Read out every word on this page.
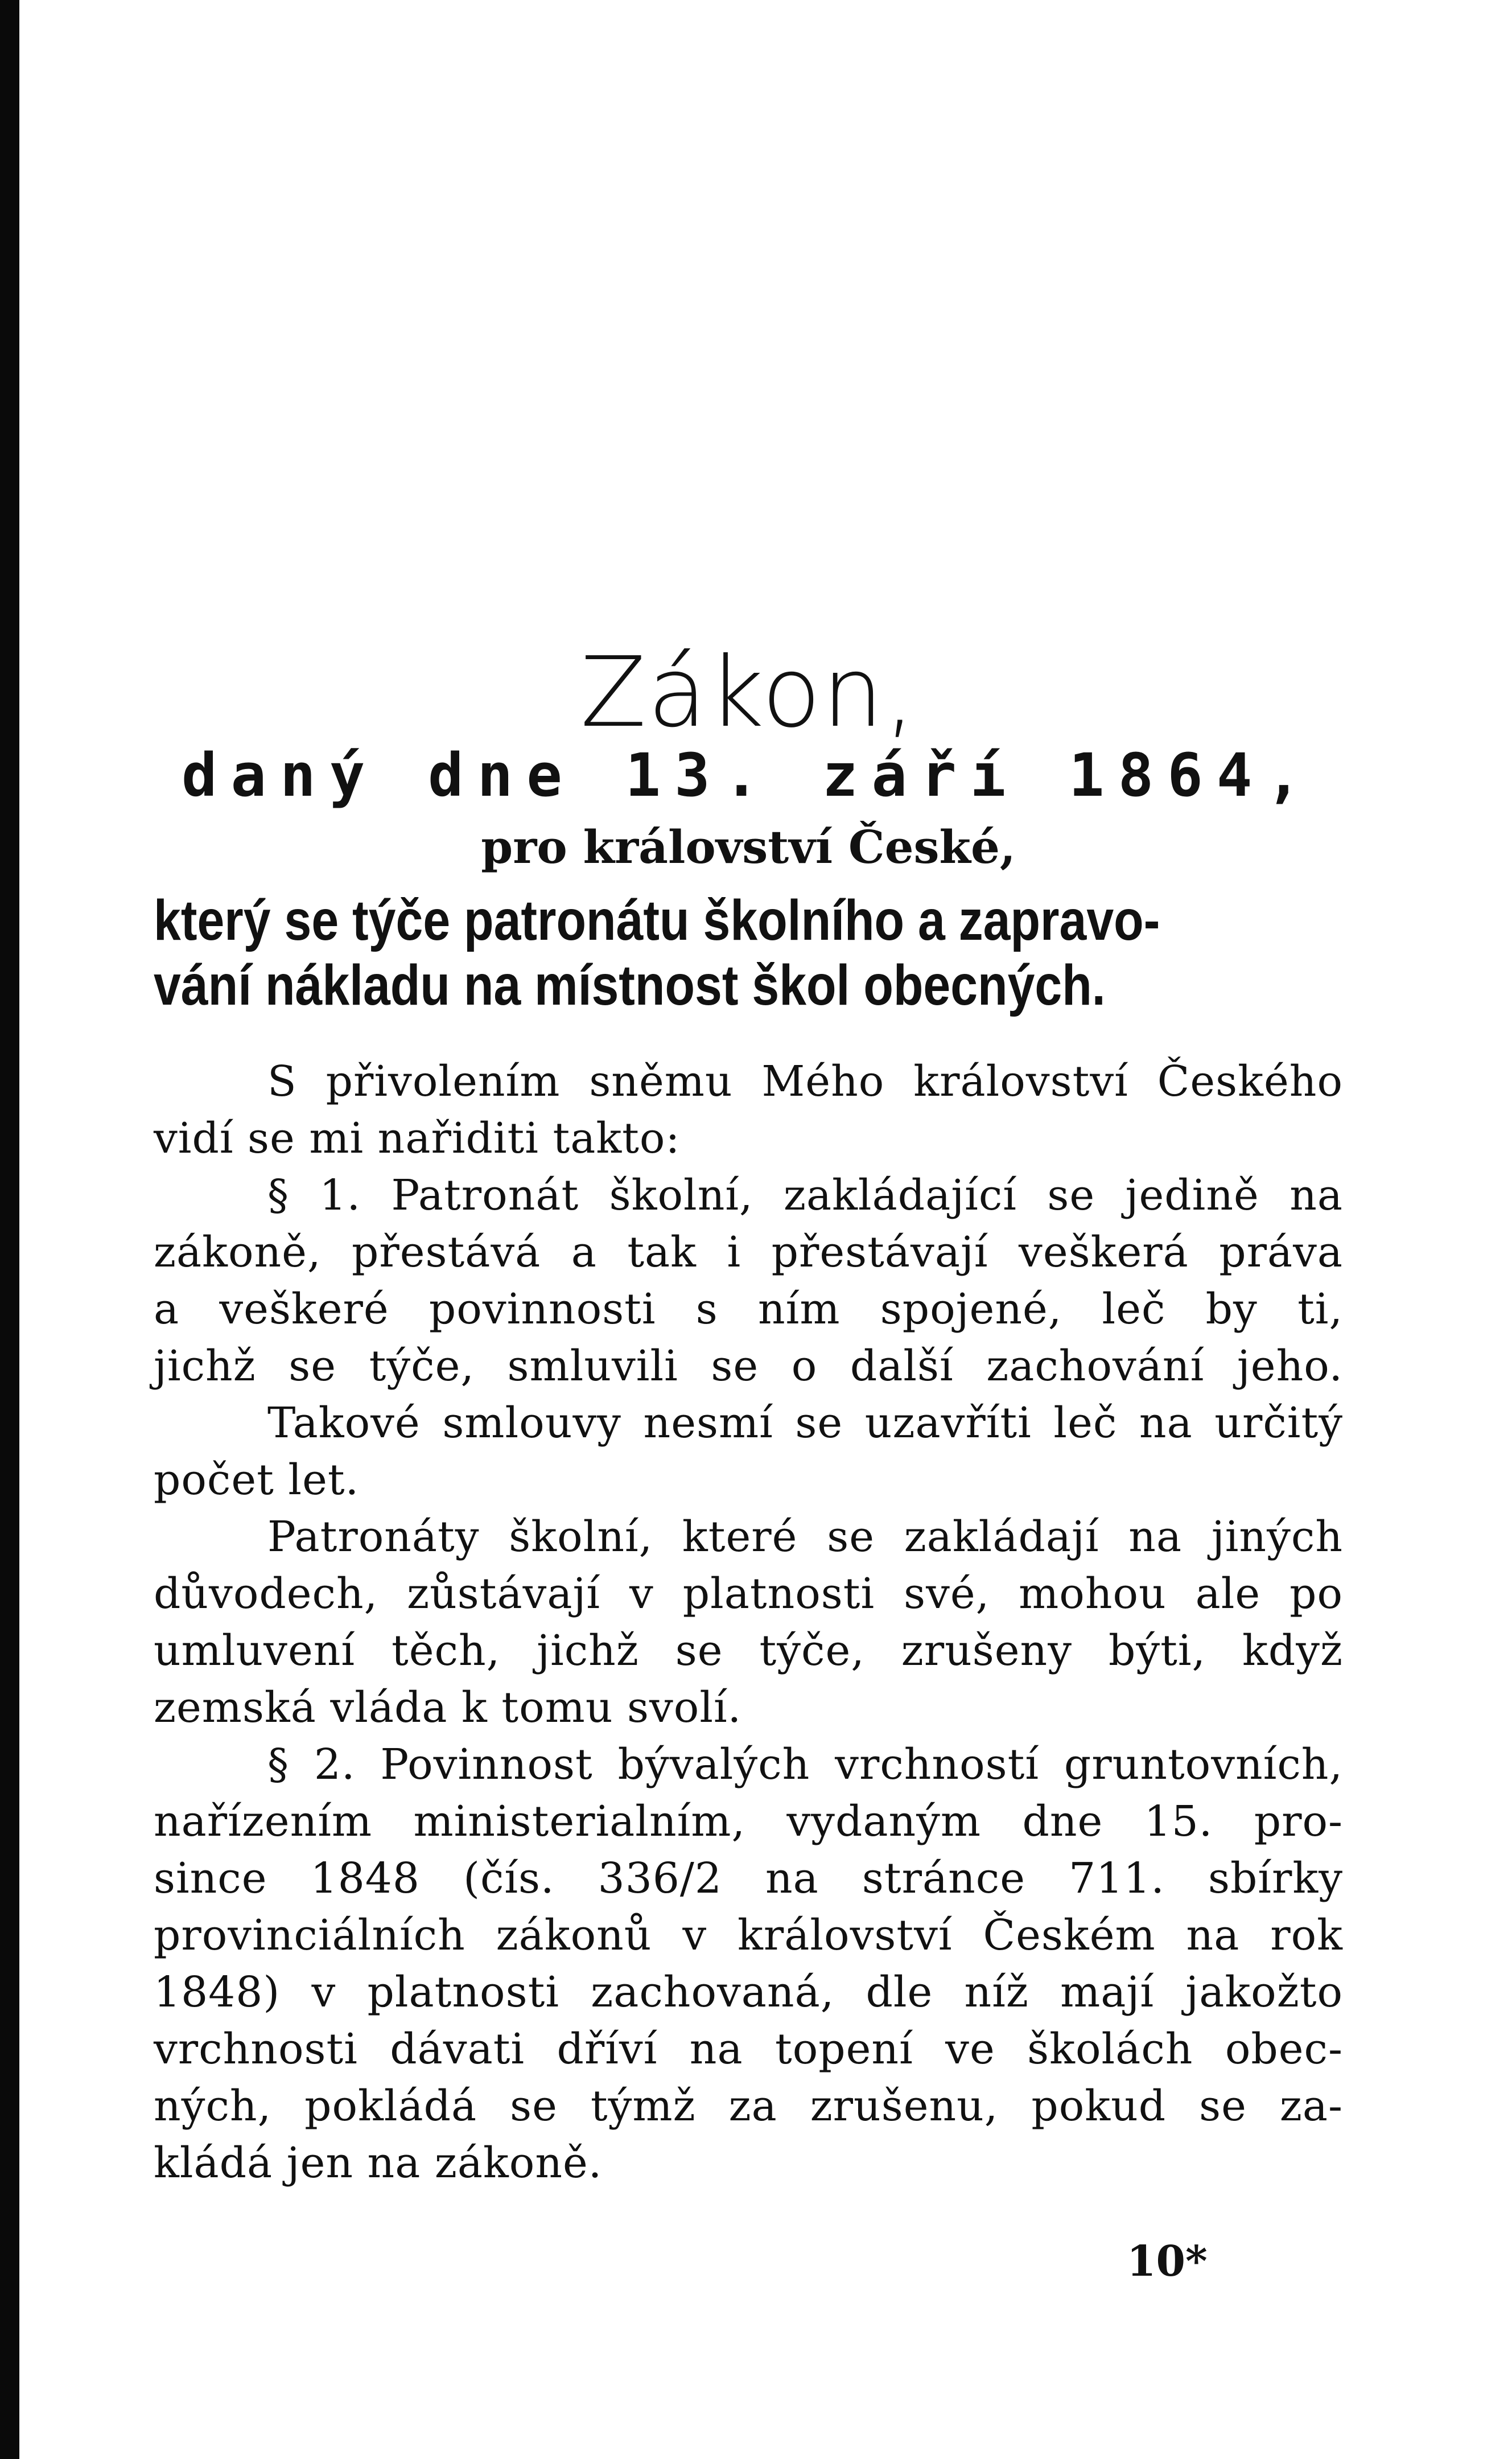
Zákon,
daný dne 13. září 1864,
pro království České,
který se týče patronátu školního a zapravo-
vání nákladu na místnost škol obecných.
S přivolením sněmu Mého království Českého
vidí se mi nařiditi takto:
§ 1. Patronát školní, zakládající se jedině na
zákoně, přestává a tak i přestávají veškerá práva
a veškeré povinnosti s ním spojené, leč by ti,
jichž se týče, smluvili se o další zachování jeho.
Takové smlouvy nesmí se uzavříti leč na určitý
počet let.
Patronáty školní, které se zakládají na jiných
důvodech, zůstávají v platnosti své, mohou ale po
umluvení těch, jichž se týče, zrušeny býti, když
zemská vláda k tomu svolí.
§ 2. Povinnost bývalých vrchností gruntovních,
nařízením ministerialním, vydaným dne 15. pro-
since 1848 (čís. 336/2 na stránce 711. sbírky
provinciálních zákonů v království Českém na rok
1848) v platnosti zachovaná, dle níž mají jakožto
vrchnosti dávati dříví na topení ve školách obec-
ných, pokládá se týmž za zrušenu, pokud se za-
kládá jen na zákoně.
10*
